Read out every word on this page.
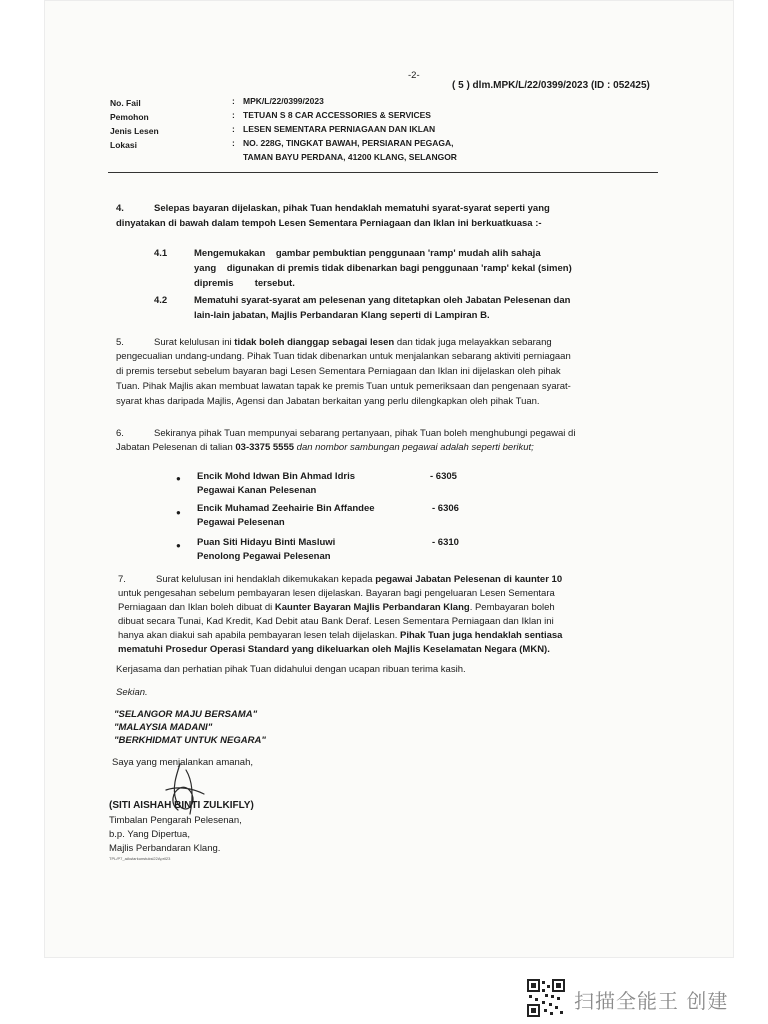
-2-
( 5 ) dlm.MPK/L/22/0399/2023 (ID : 052425)
No. Fail	: MPK/L/22/0399/2023
Pemohon	: TETUAN S 8 CAR ACCESSORIES & SERVICES
Jenis Lesen	: LESEN SEMENTARA PERNIAGAAN DAN IKLAN
Lokasi	: NO. 228G, TINGKAT BAWAH, PERSIARAN PEGAGA,
TAMAN BAYU PERDANA, 41200 KLANG, SELANGOR
4.	Selepas bayaran dijelaskan, pihak Tuan hendaklah mematuhi syarat-syarat seperti yang
dinyatakan di bawah dalam tempoh Lesen Sementara Perniagaan dan Iklan ini berkuatkuasa :-
4.1	Mengemukakan    gambar pembuktian penggunaan 'ramp' mudah alih sahaja
yang    digunakan di premis tidak dibenarkan bagi penggunaan 'ramp' kekal (simen)
dipremis        tersebut.
4.2	Mematuhi syarat-syarat am pelesenan yang ditetapkan oleh Jabatan Pelesenan dan
lain-lain jabatan, Majlis Perbandaran Klang seperti di Lampiran B.
5.	Surat kelulusan ini tidak boleh dianggap sebagai lesen dan tidak juga melayakkan sebarang
pengecualian undang-undang. Pihak Tuan tidak dibenarkan untuk menjalankan sebarang aktiviti perniagaan
di premis tersebut sebelum bayaran bagi Lesen Sementara Perniagaan dan Iklan ini dijelaskan oleh pihak
Tuan. Pihak Majlis akan membuat lawatan tapak ke premis Tuan untuk pemeriksaan dan pengenaan syarat-
syarat khas daripada Majlis, Agensi dan Jabatan berkaitan yang perlu dilengkapkan oleh pihak Tuan.
6.	Sekiranya pihak Tuan mempunyai sebarang pertanyaan, pihak Tuan boleh menghubungi pegawai di
Jabatan Pelesenan di talian 03-3375 5555 dan nombor sambungan pegawai adalah seperti berikut;
● Encik Mohd Idwan Bin Ahmad Idris
Pegawai Kanan Pelesenan
- 6305
● Encik Muhamad Zeehairie Bin Affandee
Pegawai Pelesenan
- 6306
● Puan Siti Hidayu Binti Masluwi
Penolong Pegawai Pelesenan
- 6310
7.	Surat kelulusan ini hendaklah dikemukakan kepada pegawai Jabatan Pelesenan di kaunter 10
untuk pengesahan sebelum pembayaran lesen dijelaskan. Bayaran bagi pengeluaran Lesen Sementara
Perniagaan dan Iklan boleh dibuat di Kaunter Bayaran Majlis Perbandaran Klang. Pembayaran boleh
dibuat secara Tunai, Kad Kredit, Kad Debit atau Bank Deraf. Lesen Sementara Perniagaan dan Iklan ini
hanya akan diakui sah apabila pembayaran lesen telah dijelaskan. Pihak Tuan juga hendaklah sentiasa
mematuhi Prosedur Operasi Standard yang dikeluarkan oleh Majlis Keselamatan Negara (MKN).
Kerjasama dan perhatian pihak Tuan didahului dengan ucapan ribuan terima kasih.
Sekian.
"SELANGOR MAJU BERSAMA"
"MALAYSIA MADANI"
"BERKHIDMAT UNTUK NEGARA"
Saya yang menjalankan amanah,
(SITI AISHAH BINTI ZULKIFLY)
Timbalan Pengarah Pelesenan,
b.p. Yang Dipertua,
Majlis Perbandaran Klang.
TPL/P7_aAwlarkunstuksi22April23
扫描全能王 创建
